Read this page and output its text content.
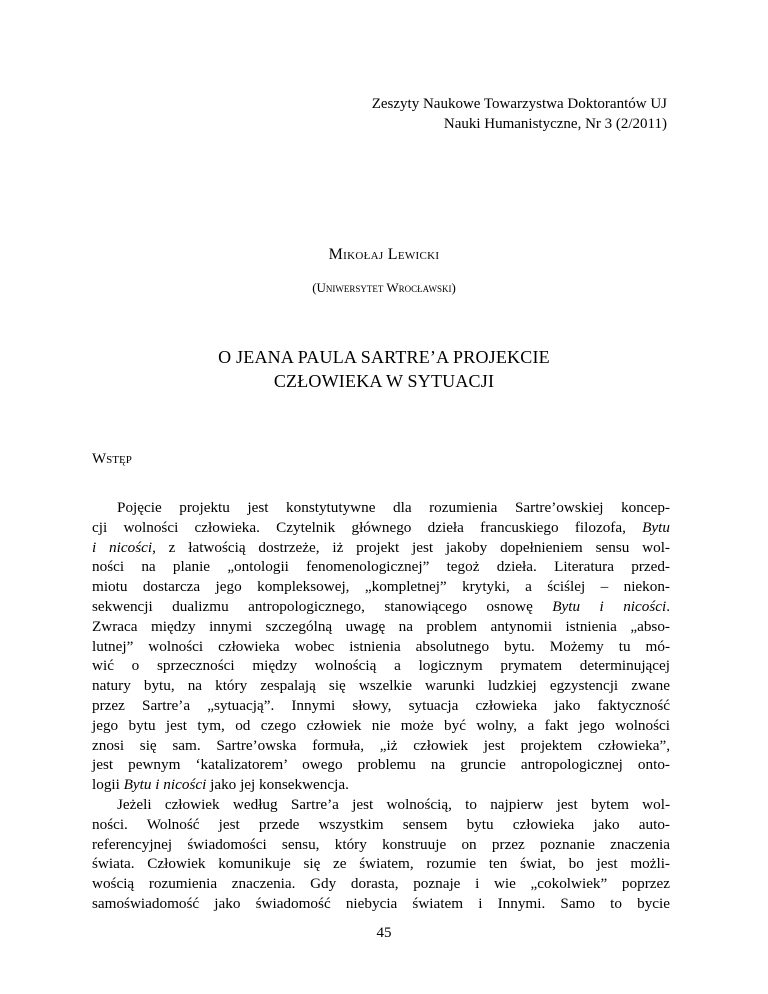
Zeszyty Naukowe Towarzystwa Doktorantów UJ
Nauki Humanistyczne, Nr 3 (2/2011)
Mikołaj Lewicki
(Uniwersytet Wrocławski)
O JEANA PAULA SARTRE’A PROJEKCIE
CZŁOWIEKA W SYTUACJI
Wstęp

Pojęcie projektu jest konstytutywne dla rozumienia Sartre’owskiej koncep-
cji wolności człowieka. Czytelnik głównego dzieła francuskiego filozofa, Bytu
i nicości, z łatwością dostrzeże, iż projekt jest jakoby dopełnieniem sensu wol-
ności na planie „ontologii fenomenologicznej” tegoż dzieła. Literatura przed-
miotu dostarcza jego kompleksowej, „kompletnej” krytyki, a ściślej – niekon-
sekwencji dualizmu antropologicznego, stanowiącego osnowę Bytu i nicości.
Zwraca między innymi szczególną uwagę na problem antynomii istnienia „abso-
lutnej” wolności człowieka wobec istnienia absolutnego bytu. Możemy tu mó-
wić o sprzeczności między wolnością a logicznym prymatem determinującej
natury bytu, na który zespalają się wszelkie warunki ludzkiej egzystencji zwane
przez Sartre’a „sytuacją”. Innymi słowy, sytuacja człowieka jako faktyczność
jego bytu jest tym, od czego człowiek nie może być wolny, a fakt jego wolności
znosi się sam. Sartre’owska formuła, „iż człowiek jest projektem człowieka”,
jest pewnym ‘katalizatorem’ owego problemu na gruncie antropologicznej onto-
logii Bytu i nicości jako jej konsekwencja.

Jeżeli człowiek według Sartre’a jest wolnością, to najpierw jest bytem wol-
ności. Wolność jest przede wszystkim sensem bytu człowieka jako auto-
referencyjnej świadomości sensu, który konstruuje on przez poznanie znaczenia
świata. Człowiek komunikuje się ze światem, rozumie ten świat, bo jest możli-
wością rozumienia znaczenia. Gdy dorasta, poznaje i wie „cokolwiek” poprzez
samoświadomość jako świadomość niebycia światem i Innymi. Samo to bycie

45
